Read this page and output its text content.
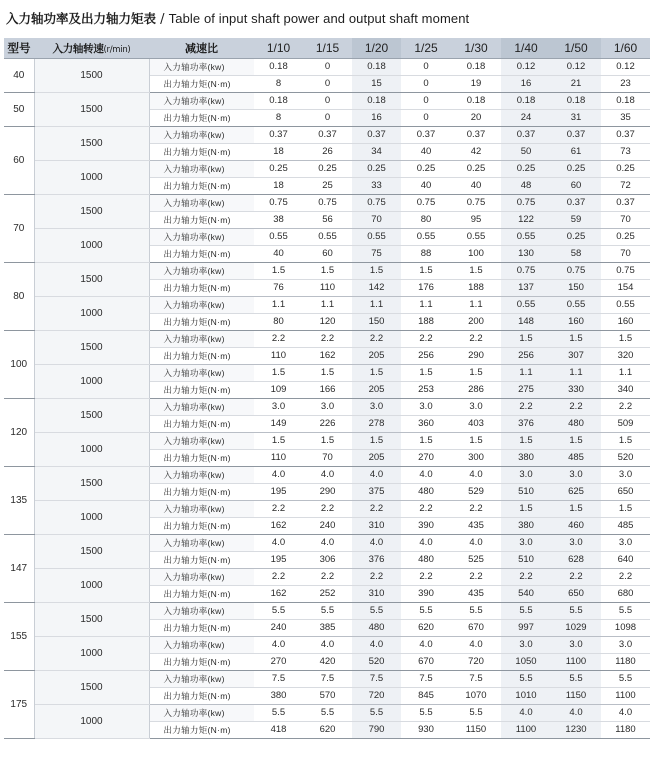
入力轴功率及出力轴力矩表 / Table of input shaft power and output shaft moment
型号	入力轴转速(r/min)	减速比	1/10	1/15	1/20	1/25	1/30	1/40	1/50	1/60
40	1500	入力轴功率(kw)	0.18	0	0.18	0	0.18	0.12	0.12	0.12
		出力轴力矩(N·m)	8	0	15	0	19	16	21	23
50	1500	入力轴功率(kw)	0.18	0	0.18	0	0.18	0.18	0.18	0.18
		出力轴力矩(N·m)	8	0	16	0	20	24	31	35
60	1500	入力轴功率(kw)	0.37	0.37	0.37	0.37	0.37	0.37	0.37	0.37
		出力轴力矩(N·m)	18	26	34	40	42	50	61	73
	1000	入力轴功率(kw)	0.25	0.25	0.25	0.25	0.25	0.25	0.25	0.25
		出力轴力矩(N·m)	18	25	33	40	40	48	60	72
70	1500	入力轴功率(kw)	0.75	0.75	0.75	0.75	0.75	0.75	0.37	0.37
		出力轴力矩(N·m)	38	56	70	80	95	122	59	70
	1000	入力轴功率(kw)	0.55	0.55	0.55	0.55	0.55	0.55	0.25	0.25
		出力轴力矩(N·m)	40	60	75	88	100	130	58	70
80	1500	入力轴功率(kw)	1.5	1.5	1.5	1.5	1.5	0.75	0.75	0.75
		出力轴力矩(N·m)	76	110	142	176	188	137	150	154
	1000	入力轴功率(kw)	1.1	1.1	1.1	1.1	1.1	0.55	0.55	0.55
		出力轴力矩(N·m)	80	120	150	188	200	148	160	160
100	1500	入力轴功率(kw)	2.2	2.2	2.2	2.2	2.2	1.5	1.5	1.5
		出力轴力矩(N·m)	110	162	205	256	290	256	307	320
	1000	入力轴功率(kw)	1.5	1.5	1.5	1.5	1.5	1.1	1.1	1.1
		出力轴力矩(N·m)	109	166	205	253	286	275	330	340
120	1500	入力轴功率(kw)	3.0	3.0	3.0	3.0	3.0	2.2	2.2	2.2
		出力轴力矩(N·m)	149	226	278	360	403	376	480	509
	1000	入力轴功率(kw)	1.5	1.5	1.5	1.5	1.5	1.5	1.5	1.5
		出力轴力矩(N·m)	110	70	205	270	300	380	485	520
135	1500	入力轴功率(kw)	4.0	4.0	4.0	4.0	4.0	3.0	3.0	3.0
		出力轴力矩(N·m)	195	290	375	480	529	510	625	650
	1000	入力轴功率(kw)	2.2	2.2	2.2	2.2	2.2	1.5	1.5	1.5
		出力轴力矩(N·m)	162	240	310	390	435	380	460	485
147	1500	入力轴功率(kw)	4.0	4.0	4.0	4.0	4.0	3.0	3.0	3.0
		出力轴力矩(N·m)	195	306	376	480	525	510	628	640
	1000	入力轴功率(kw)	2.2	2.2	2.2	2.2	2.2	2.2	2.2	2.2
		出力轴力矩(N·m)	162	252	310	390	435	540	650	680
155	1500	入力轴功率(kw)	5.5	5.5	5.5	5.5	5.5	5.5	5.5	5.5
		出力轴力矩(N·m)	240	385	480	620	670	997	1029	1098
	1000	入力轴功率(kw)	4.0	4.0	4.0	4.0	4.0	3.0	3.0	3.0
		出力轴力矩(N·m)	270	420	520	670	720	1050	1100	1180
175	1500	入力轴功率(kw)	7.5	7.5	7.5	7.5	7.5	5.5	5.5	5.5
		出力轴力矩(N·m)	380	570	720	845	1070	1010	1150	1100
	1000	入力轴功率(kw)	5.5	5.5	5.5	5.5	5.5	4.0	4.0	4.0
		出力轴力矩(N·m)	418	620	790	930	1150	1100	1230	1180
